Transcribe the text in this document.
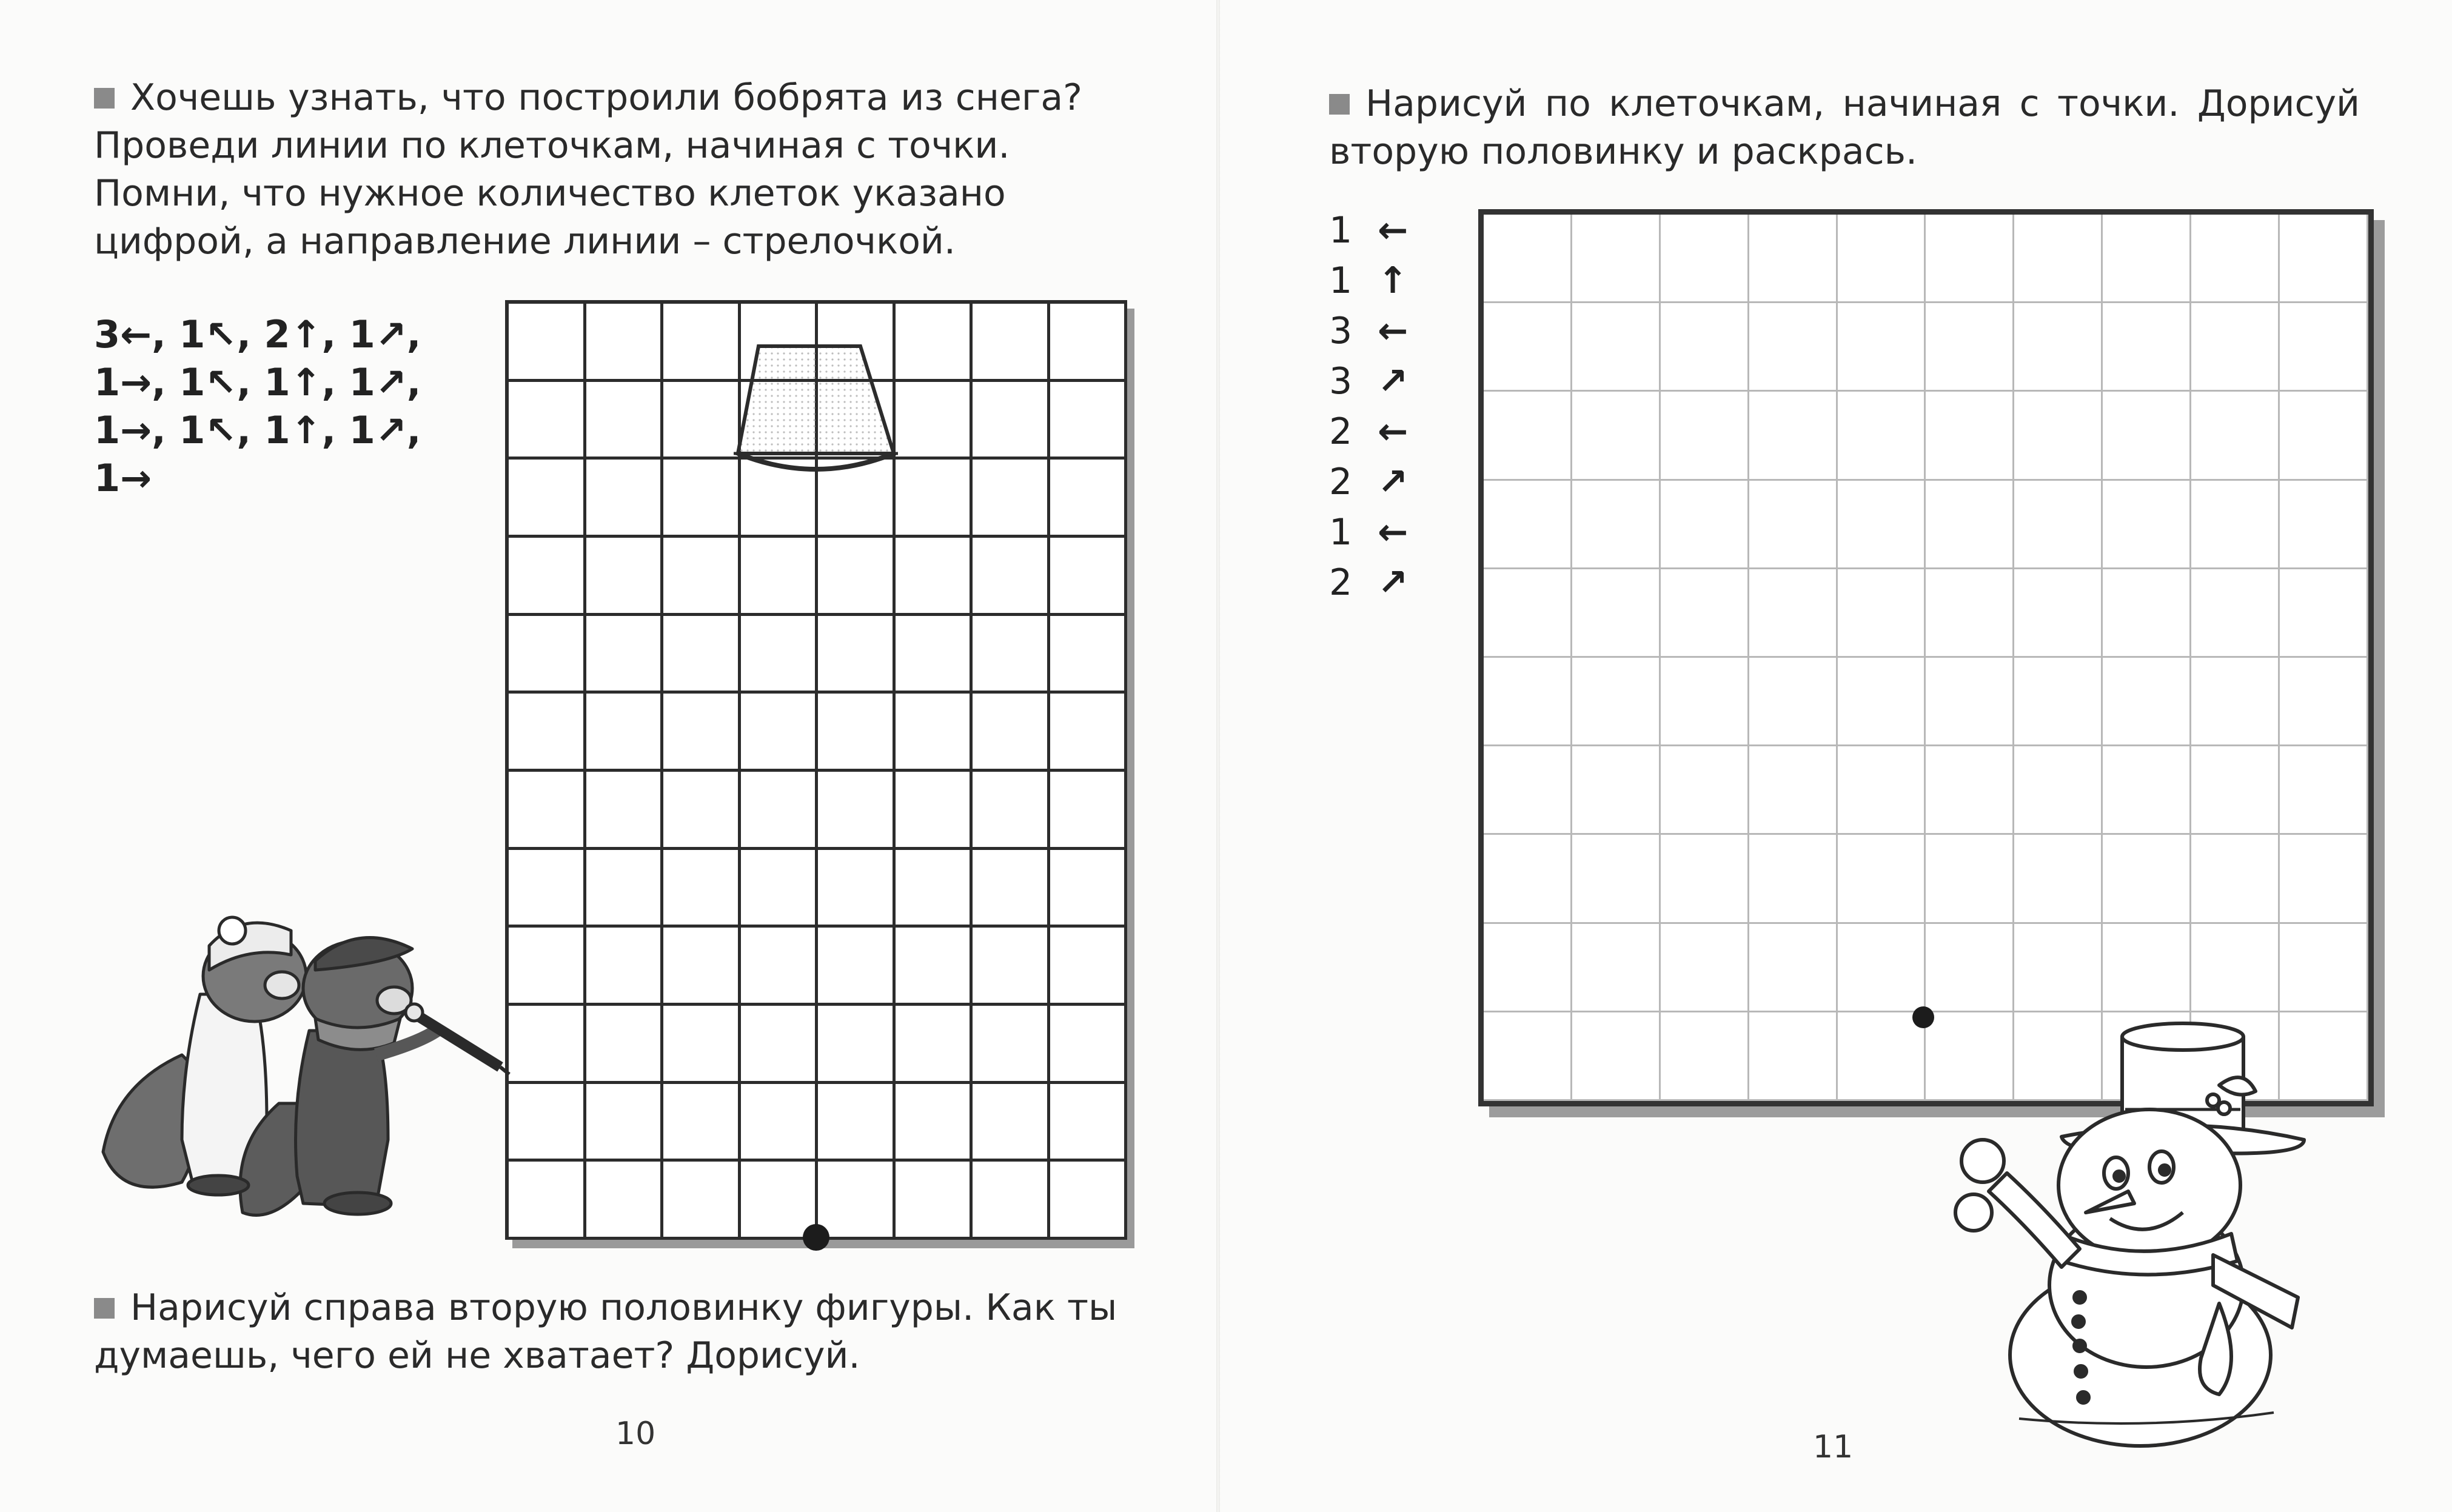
Хочешь узнать, что построили бобрята из снега?
Проведи линии по клеточкам, начиная с точки.
Помни, что нужное количество клеток указано
цифрой, а направление линии – стрелочкой.
3←, 1↖, 2↑, 1↗,
1→, 1↖, 1↑, 1↗,
1→, 1↖, 1↑, 1↗,
1→
Нарисуй справа вторую половинку фигуры. Как ты
думаешь, чего ей не хватает? Дорисуй.
10
Нарисуй по клеточкам, начиная с точки. Дорисуй
вторую половинку и раскрась.
1 ←
1 ↑
3 ←
3 ↗
2 ←
2 ↗
1 ←
2 ↗
11
